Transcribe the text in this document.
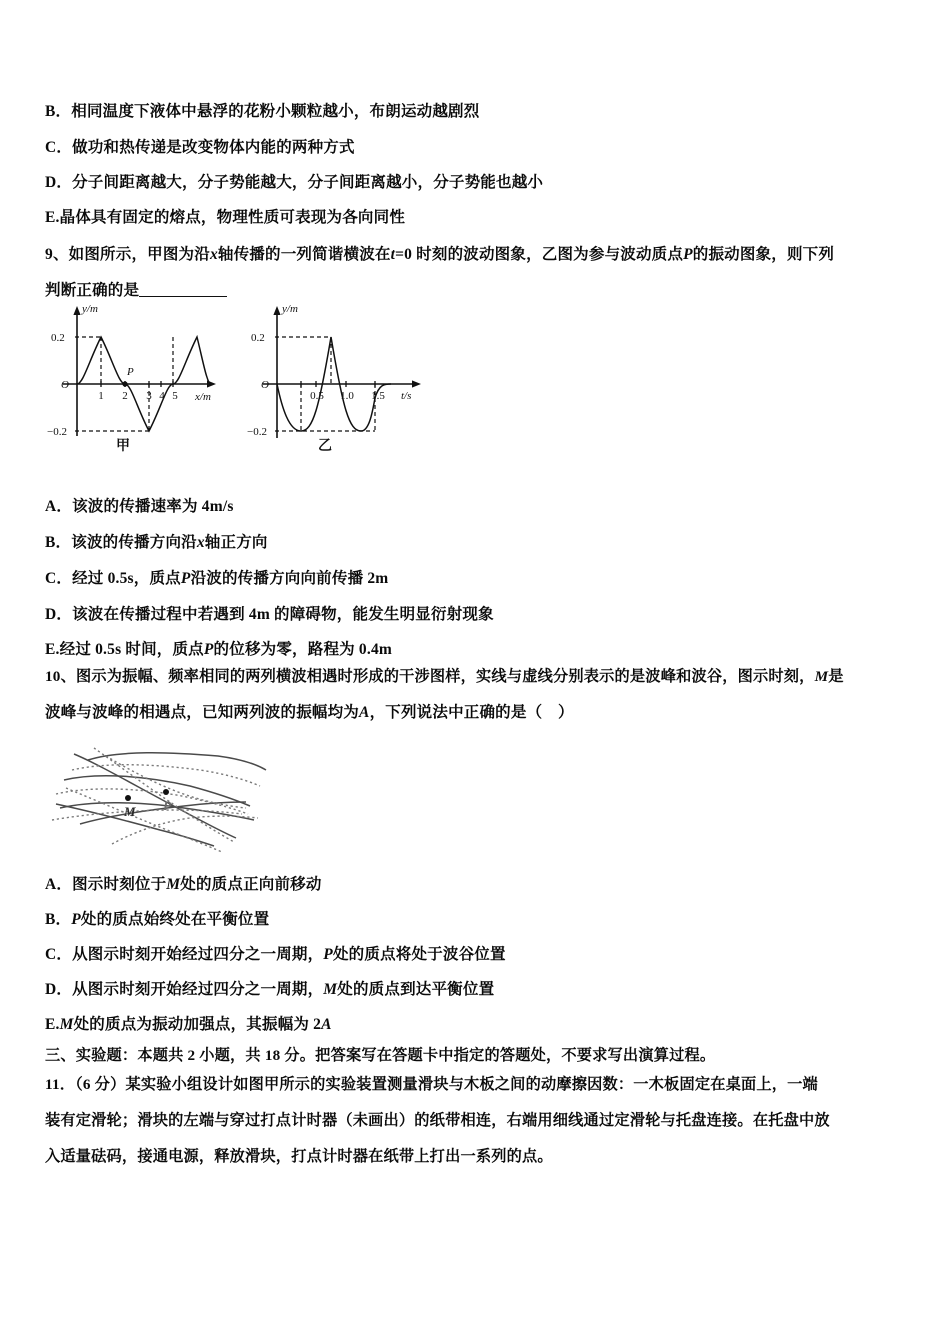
B．相同温度下液体中悬浮的花粉小颗粒越小，布朗运动越剧烈
C．做功和热传递是改变物体内能的两种方式
D．分子间距离越大，分子势能越大，分子间距离越小，分子势能也越小
E.晶体具有固定的熔点，物理性质可表现为各向同性
9、如图所示，甲图为沿x轴传播的一列简谐横波在t=0 时刻的波动图象，乙图为参与波动质点P的振动图象，则下列
判断正确的是
y/m
x/m
O
0.2
−0.2
1 2 3 4 5
P
甲
y/m
t/s
O
0.2
−0.2
0.5 1.0 1.5
乙
A．该波的传播速率为 4m/s
B．该波的传播方向沿x轴正方向
C．经过 0.5s，质点P沿波的传播方向向前传播 2m
D．该波在传播过程中若遇到 4m 的障碍物，能发生明显衍射现象
E.经过 0.5s 时间，质点P的位移为零，路程为 0.4m
10、图示为振幅、频率相同的两列横波相遇时形成的干涉图样，实线与虚线分别表示的是波峰和波谷，图示时刻，M是
波峰与波峰的相遇点，已知两列波的振幅均为A，下列说法中正确的是（　）
M P
A．图示时刻位于M处的质点正向前移动
B．P处的质点始终处在平衡位置
C．从图示时刻开始经过四分之一周期，P处的质点将处于波谷位置
D．从图示时刻开始经过四分之一周期，M处的质点到达平衡位置
E.M处的质点为振动加强点，其振幅为 2A
三、实验题：本题共 2 小题，共 18 分。把答案写在答题卡中指定的答题处，不要求写出演算过程。
11．（6 分）某实验小组设计如图甲所示的实验装置测量滑块与木板之间的动摩擦因数：一木板固定在桌面上，一端
装有定滑轮；滑块的左端与穿过打点计时器（未画出）的纸带相连，右端用细线通过定滑轮与托盘连接。在托盘中放
入适量砝码，接通电源，释放滑块，打点计时器在纸带上打出一系列的点。
